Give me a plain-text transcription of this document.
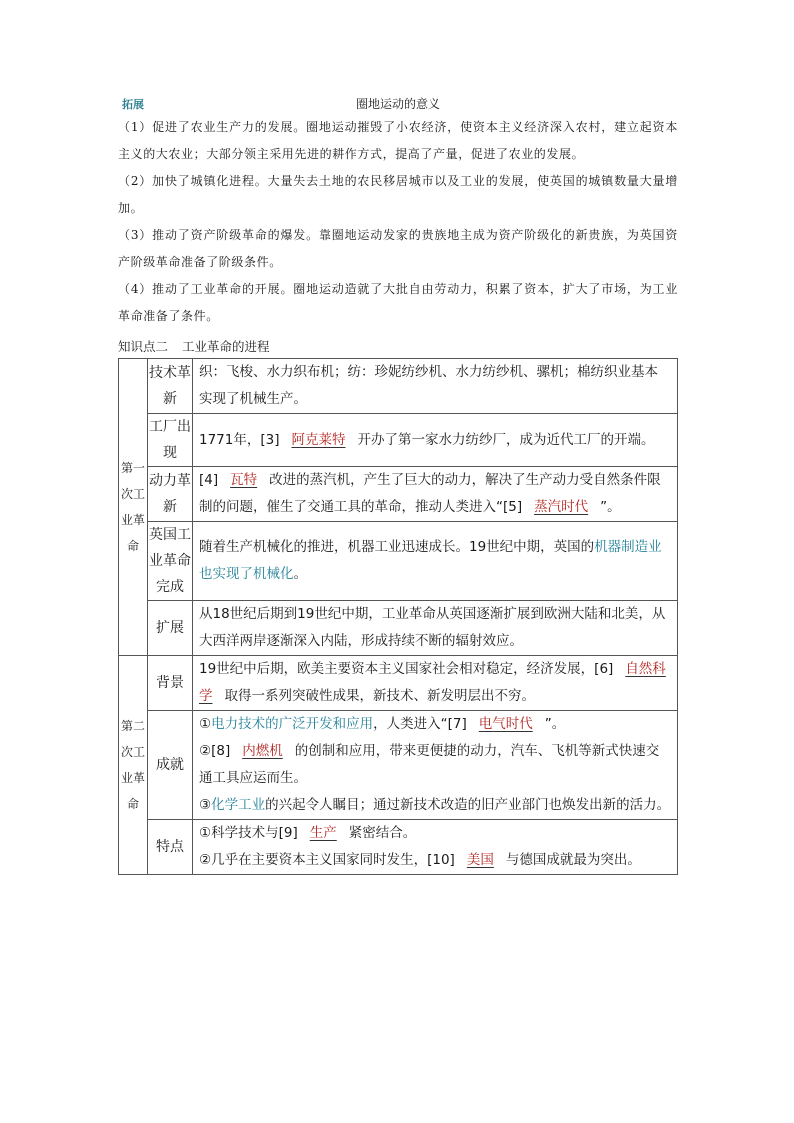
拓展	圈地运动的意义

（1）促进了农业生产力的发展。圈地运动摧毁了小农经济，使资本主义经济深入农村，建立起资本主义的大农业；大部分领主采用先进的耕作方式，提高了产量，促进了农业的发展。

（2）加快了城镇化进程。大量失去土地的农民移居城市以及工业的发展，使英国的城镇数量大量增加。

（3）推动了资产阶级革命的爆发。靠圈地运动发家的贵族地主成为资产阶级化的新贵族，为英国资产阶级革命准备了阶级条件。

（4）推动了工业革命的开展。圈地运动造就了大批自由劳动力，积累了资本，扩大了市场，为工业革命准备了条件。

知识点二 工业革命的进程
第一次工业革命	技术革新	织：飞梭、水力织布机；纺：珍妮纺纱机、水力纺纱机、骡机；棉纺织业基本实现了机械生产。
	工厂出现	1771年，[3] 阿克莱特 开办了第一家水力纺纱厂，成为近代工厂的开端。
	动力革新	[4] 瓦特 改进的蒸汽机，产生了巨大的动力，解决了生产动力受自然条件限制的问题，催生了交通工具的革命，推动人类进入“[5] 蒸汽时代 ”。
	英国工业革命完成	随着生产机械化的推进，机器工业迅速成长。19世纪中期，英国的机器制造业也实现了机械化。
	扩展	从18世纪后期到19世纪中期，工业革命从英国逐渐扩展到欧洲大陆和北美，从大西洋两岸逐渐深入内陆，形成持续不断的辐射效应。
第二次工业革命	背景	19世纪中后期，欧美主要资本主义国家社会相对稳定，经济发展，[6] 自然科学 取得一系列突破性成果，新技术、新发明层出不穷。
	成就	①电力技术的广泛开发和应用，人类进入“[7] 电气时代 ”。
②[8] 内燃机 的创制和应用，带来更便捷的动力，汽车、飞机等新式快速交通工具应运而生。
③化学工业的兴起令人瞩目；通过新技术改造的旧产业部门也焕发出新的活力。

	特点	①科学技术与[9] 生产 紧密结合。
②几乎在主要资本主义国家同时发生，[10] 美国 与德国成就最为突出。
